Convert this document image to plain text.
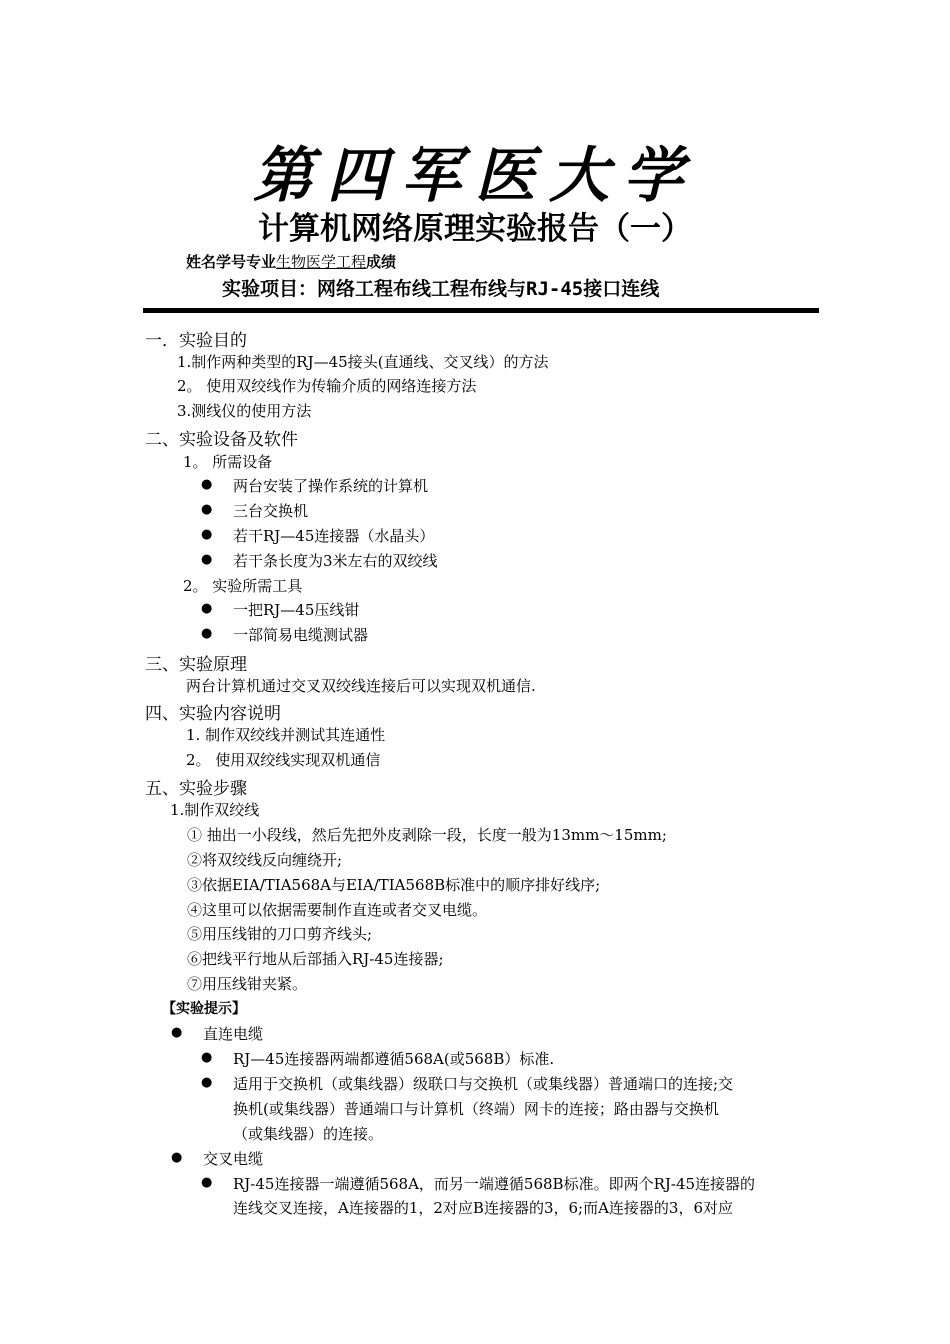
第四军医大学
计算机网络原理实验报告（一）
姓名学号专业生物医学工程成绩
实验项目：网络工程布线工程布线与RJ-45接口连线
一．实验目的
1.制作两种类型的RJ—45接头(直通线、交叉线）的方法
2。 使用双绞线作为传输介质的网络连接方法
3.测线仪的使用方法
二、实验设备及软件
1。 所需设备
● 两台安装了操作系统的计算机
● 三台交换机
● 若干RJ—45连接器（水晶头）
● 若干条长度为3米左右的双绞线
2。 实验所需工具
● 一把RJ—45压线钳
● 一部简易电缆测试器
三、实验原理
两台计算机通过交叉双绞线连接后可以实现双机通信.
四、实验内容说明
1. 制作双绞线并测试其连通性
2。 使用双绞线实现双机通信
五、实验步骤
1.制作双绞线
① 抽出一小段线，然后先把外皮剥除一段，长度一般为13mm～15mm;
②将双绞线反向缠绕开;
③依据EIA/TIA568A与EIA/TIA568B标准中的顺序排好线序;
④这里可以依据需要制作直连或者交叉电缆。
⑤用压线钳的刀口剪齐线头;
⑥把线平行地从后部插入RJ-45连接器;
⑦用压线钳夹紧。
【实验提示】
● 直连电缆
● RJ—45连接器两端都遵循568A(或568B）标准.
● 适用于交换机（或集线器）级联口与交换机（或集线器）普通端口的连接;交
换机(或集线器）普通端口与计算机（终端）网卡的连接；路由器与交换机
（或集线器）的连接。
● 交叉电缆
● RJ-45连接器一端遵循568A，而另一端遵循568B标准。即两个RJ-45连接器的
连线交叉连接，A连接器的1，2对应B连接器的3，6;而A连接器的3，6对应
